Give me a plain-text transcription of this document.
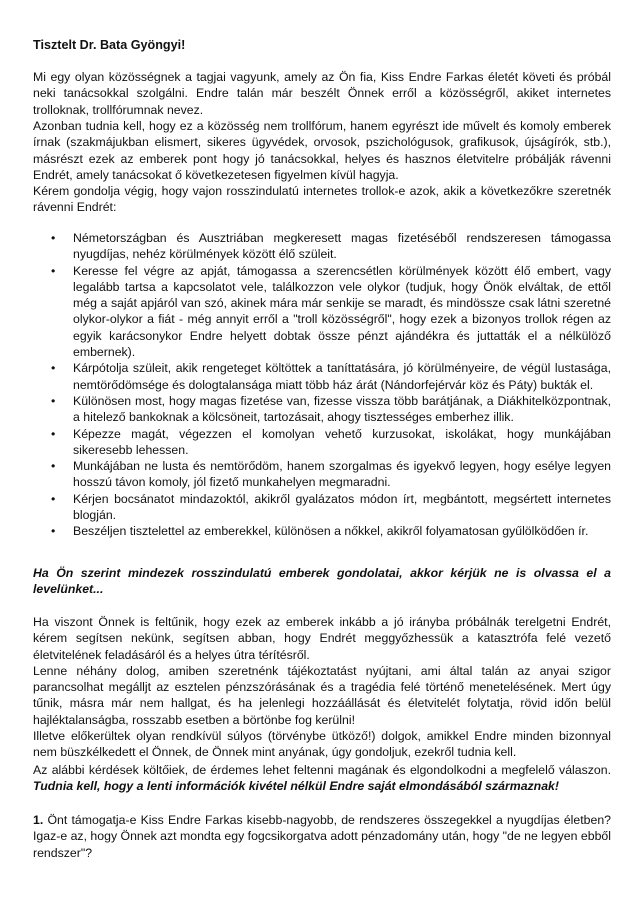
Tisztelt Dr. Bata Gyöngyi!

Mi egy olyan közösségnek a tagjai vagyunk, amely az Ön fia, Kiss Endre Farkas életét követi és próbál neki tanácsokkal szolgálni. Endre talán már beszélt Önnek erről a közösségről, akiket internetes trolloknak, trollfórumnak nevez.

Azonban tudnia kell, hogy ez a közösség nem trollfórum, hanem egyrészt ide művelt és komoly emberek írnak (szakmájukban elismert, sikeres ügyvédek, orvosok, pszichológusok, grafikusok, újságírók, stb.), másrészt ezek az emberek pont hogy jó tanácsokkal, helyes és hasznos életvitelre próbálják rávenni Endrét, amely tanácsokat ő következetesen figyelmen kívül hagyja.

Kérem gondolja végig, hogy vajon rosszindulatú internetes trollok-e azok, akik a következőkre szeretnék rávenni Endrét:

• Németországban és Ausztriában megkeresett magas fizetéséből rendszeresen támogassa nyugdíjas, nehéz körülmények között élő szüleit.
• Keresse fel végre az apját, támogassa a szerencsétlen körülmények között élő embert, vagy legalább tartsa a kapcsolatot vele, találkozzon vele olykor (tudjuk, hogy Önök elváltak, de ettől még a saját apjáról van szó, akinek mára már senkije se maradt, és mindössze csak látni szeretné olykor-olykor a fiát - még annyit erről a "troll közösségről", hogy ezek a bizonyos trollok régen az egyik karácsonykor Endre helyett dobtak össze pénzt ajándékra és juttatták el a nélkülöző embernek).
• Kárpótolja szüleit, akik rengeteget költöttek a taníttatására, jó körülményeire, de végül lustasága, nemtörődömsége és dologtalansága miatt több ház árát (Nándorfejérvár köz és Páty) bukták el.
• Különösen most, hogy magas fizetése van, fizesse vissza több barátjának, a Diákhitelközpontnak, a hitelező bankoknak a kölcsöneit, tartozásait, ahogy tisztességes emberhez illik.
• Képezze magát, végezzen el komolyan vehető kurzusokat, iskolákat, hogy munkájában sikeresebb lehessen.
• Munkájában ne lusta és nemtörődöm, hanem szorgalmas és igyekvő legyen, hogy esélye legyen hosszú távon komoly, jól fizető munkahelyen megmaradni.
• Kérjen bocsánatot mindazoktól, akikről gyalázatos módon írt, megbántott, megsértett internetes blogján.
• Beszéljen tisztelettel az emberekkel, különösen a nőkkel, akikről folyamatosan gyűlölködően ír.

Ha Ön szerint mindezek rosszindulatú emberek gondolatai, akkor kérjük ne is olvassa el a levelünket...

Ha viszont Önnek is feltűnik, hogy ezek az emberek inkább a jó irányba próbálnák terelgetni Endrét, kérem segítsen nekünk, segítsen abban, hogy Endrét meggyőzhessük a katasztrófa felé vezető életvitelének feladásáról és a helyes útra térítésről.
Lenne néhány dolog, amiben szeretnénk tájékoztatást nyújtani, ami által talán az anyai szigor parancsolhat megálljt az esztelen pénzszórásának és a tragédia felé történő menetelésének. Mert úgy tűnik, másra már nem hallgat, és ha jelenlegi hozzáállását és életvitelét folytatja, rövid időn belül hajléktalanságba, rosszabb esetben a börtönbe fog kerülni!
Illetve előkerültek olyan rendkívül súlyos (törvénybe ütköző!) dolgok, amikkel Endre minden bizonnyal nem büszkélkedett el Önnek, de Önnek mint anyának, úgy gondoljuk, ezekről tudnia kell.

Az alábbi kérdések költőiek, de érdemes lehet feltenni magának és elgondolkodni a megfelelő válaszon. Tudnia kell, hogy a lenti információk kivétel nélkül Endre saját elmondásából származnak!

1. Önt támogatja-e Kiss Endre Farkas kisebb-nagyobb, de rendszeres összegekkel a nyugdíjas életben? Igaz-e az, hogy Önnek azt mondta egy fogcsikorgatva adott pénzadomány után, hogy "de ne legyen ebből rendszer"?
